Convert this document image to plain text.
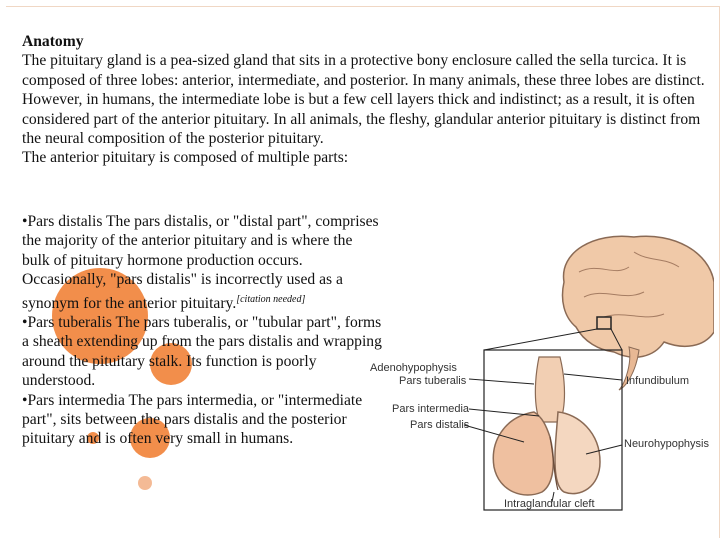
Anatomy
The pituitary gland is a pea-sized gland that sits in a protective bony enclosure called the sella turcica. It is composed of three lobes: anterior, intermediate, and posterior. In many animals, these three lobes are distinct. However, in humans, the intermediate lobe is but a few cell layers thick and indistinct; as a result, it is often considered part of the anterior pituitary. In all animals, the fleshy, glandular anterior pituitary is distinct from the neural composition of the posterior pituitary.
The anterior pituitary is composed of multiple parts:

•Pars distalis The pars distalis, or "distal part", comprises the majority of the anterior pituitary and is where the bulk of pituitary hormone production occurs. Occasionally, "pars distalis" is incorrectly used as a synonym for the anterior pituitary.[citation needed]

•Pars tuberalis The pars tuberalis, or "tubular part", forms a sheath extending up from the pars distalis and wrapping around the pituitary stalk. Its function is poorly understood.

•Pars intermedia The pars intermedia, or "intermediate part", sits between the pars distalis and the posterior pituitary and is often very small in humans.

Adenohypophysis
Pars tuberalis
Pars intermedia
Pars distalis
Infundibulum
Neurohypophysis
Intraglandular cleft
